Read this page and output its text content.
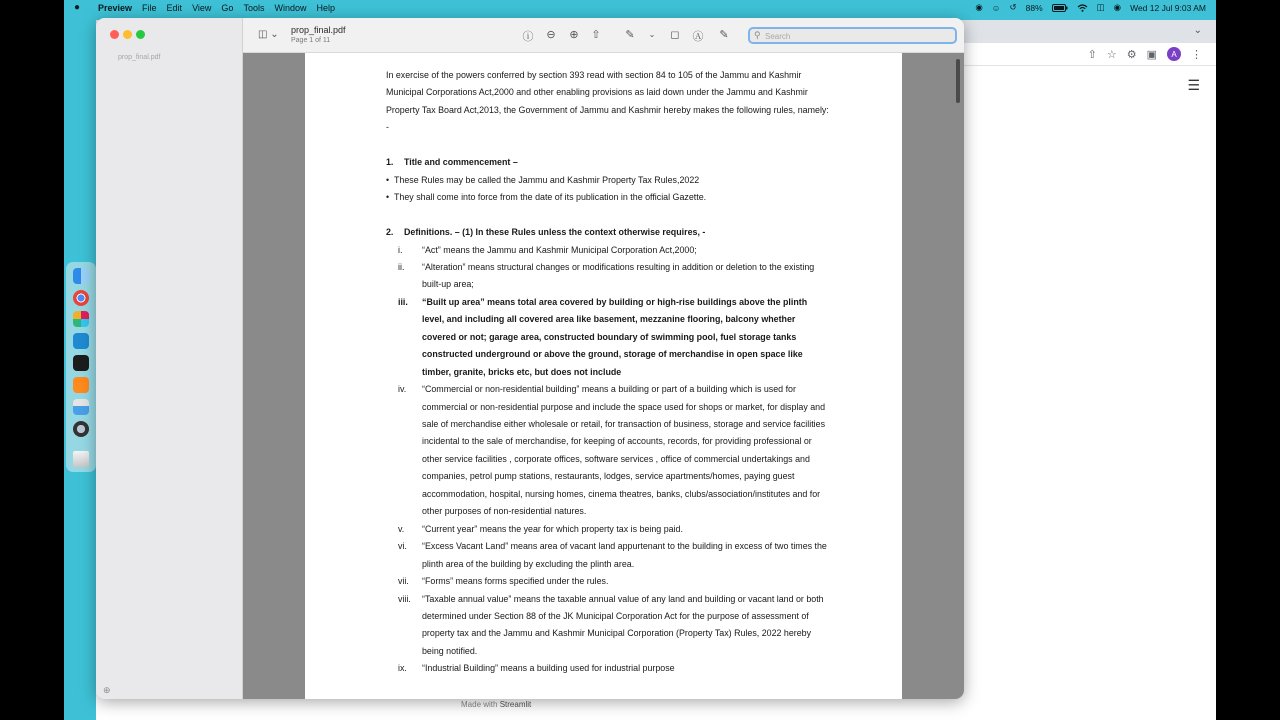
●	Preview File Edit View Go Tools Window Help	◉ ☺ ↺ 88%	◫ ◉ Wed 12 Jul 9:03 AM
⌄
⇧ ☆ ⚙ ▣	A	⋮
☰
Made with Streamlit
prop_final.pdf
⊕
◫ ⌄ prop_final.pdf
Page 1 of 11	ⓘ ⊖ ⊕ ⇧ ✎	⌄	◻ Ⓐ ✎	⚲
Search

In exercise of the powers conferred by section 393 read with section 84 to 105 of the Jammu and Kashmir Municipal Corporations Act,2000 and other enabling provisions as laid down under the Jammu and Kashmir Property Tax Board Act,2013, the Government of Jammu and Kashmir hereby makes the following rules, namely: -

1.	Title and commencement –
• These Rules may be called the Jammu and Kashmir Property Tax Rules,2022
• They shall come into force from the date of its publication in the official Gazette.
2.	Definitions. – (1) In these Rules unless the context otherwise requires, -
i.	“Act” means the Jammu and Kashmir Municipal Corporation Act,2000;
ii.	“Alteration” means structural changes or modifications resulting in addition or deletion to the existing built-up area;
iii.	“Built up area” means total area covered by building or high-rise buildings above the plinth level, and including all covered area like basement, mezzanine flooring, balcony whether covered or not; garage area, constructed boundary of swimming pool, fuel storage tanks constructed underground or above the ground, storage of merchandise in open space like timber, granite, bricks etc, but does not include
iv.	“Commercial or non-residential building” means a building or part of a building which is used for commercial or non-residential purpose and include the space used for shops or market, for display and sale of merchandise either wholesale or retail, for transaction of business, storage and service facilities incidental to the sale of merchandise, for keeping of accounts, records, for providing professional or other service facilities , corporate offices, software services , office of commercial undertakings and companies, petrol pump stations, restaurants, lodges, service apartments/homes, paying guest accommodation, hospital, nursing homes, cinema theatres, banks, clubs/association/institutes and for other purposes of non-residential natures.
v.	“Current year” means the year for which property tax is being paid.
vi.	“Excess Vacant Land” means area of vacant land appurtenant to the building in excess of two times the plinth area of the building by excluding the plinth area.
vii.	“Forms” means forms specified under the rules.
viii.	“Taxable annual value” means the taxable annual value of any land and building or vacant land or both determined under Section 88 of the JK Municipal Corporation Act for the purpose of assessment of property tax and the Jammu and Kashmir Municipal Corporation (Property Tax) Rules, 2022 hereby being notified.
ix.	“Industrial Building” means a building used for industrial purpose
